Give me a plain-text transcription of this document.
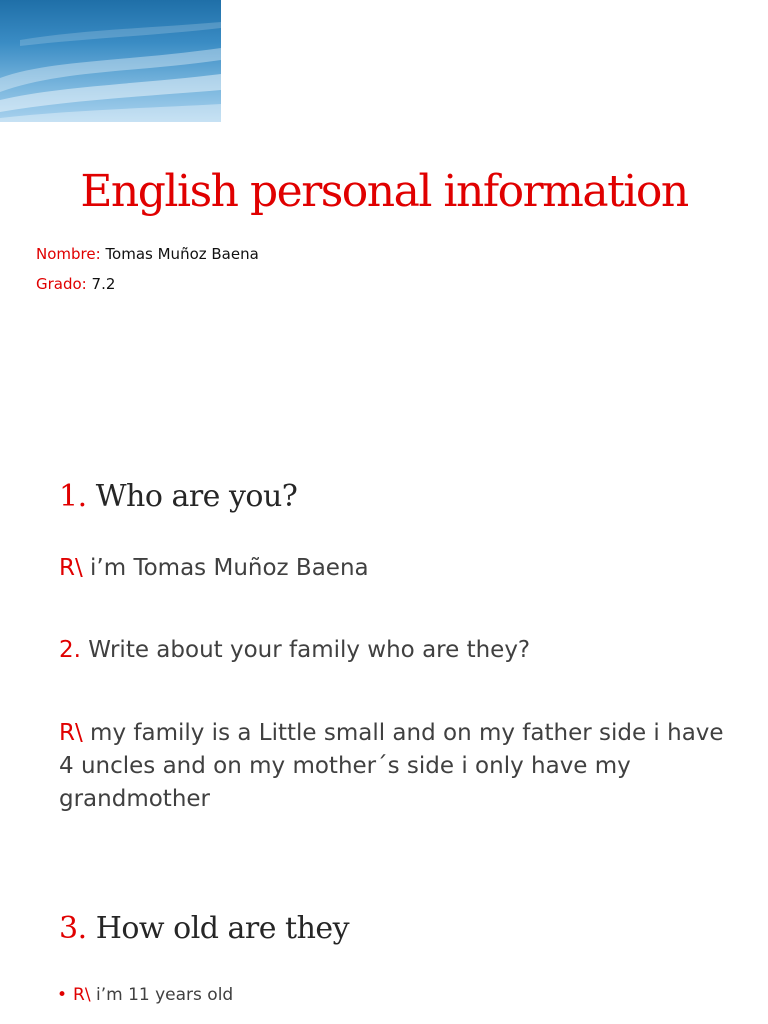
English personal information
Nombre: Tomas Muñoz Baena
Grado: 7.2
1. Who are you?
R\ i’m Tomas Muñoz Baena
2. Write about your family who are they?
R\ my family is a Little small and on my father side i have 4 uncles and on my mother´s side i only have my grandmother
3. How old are they
• R\ i’m 11 years old
